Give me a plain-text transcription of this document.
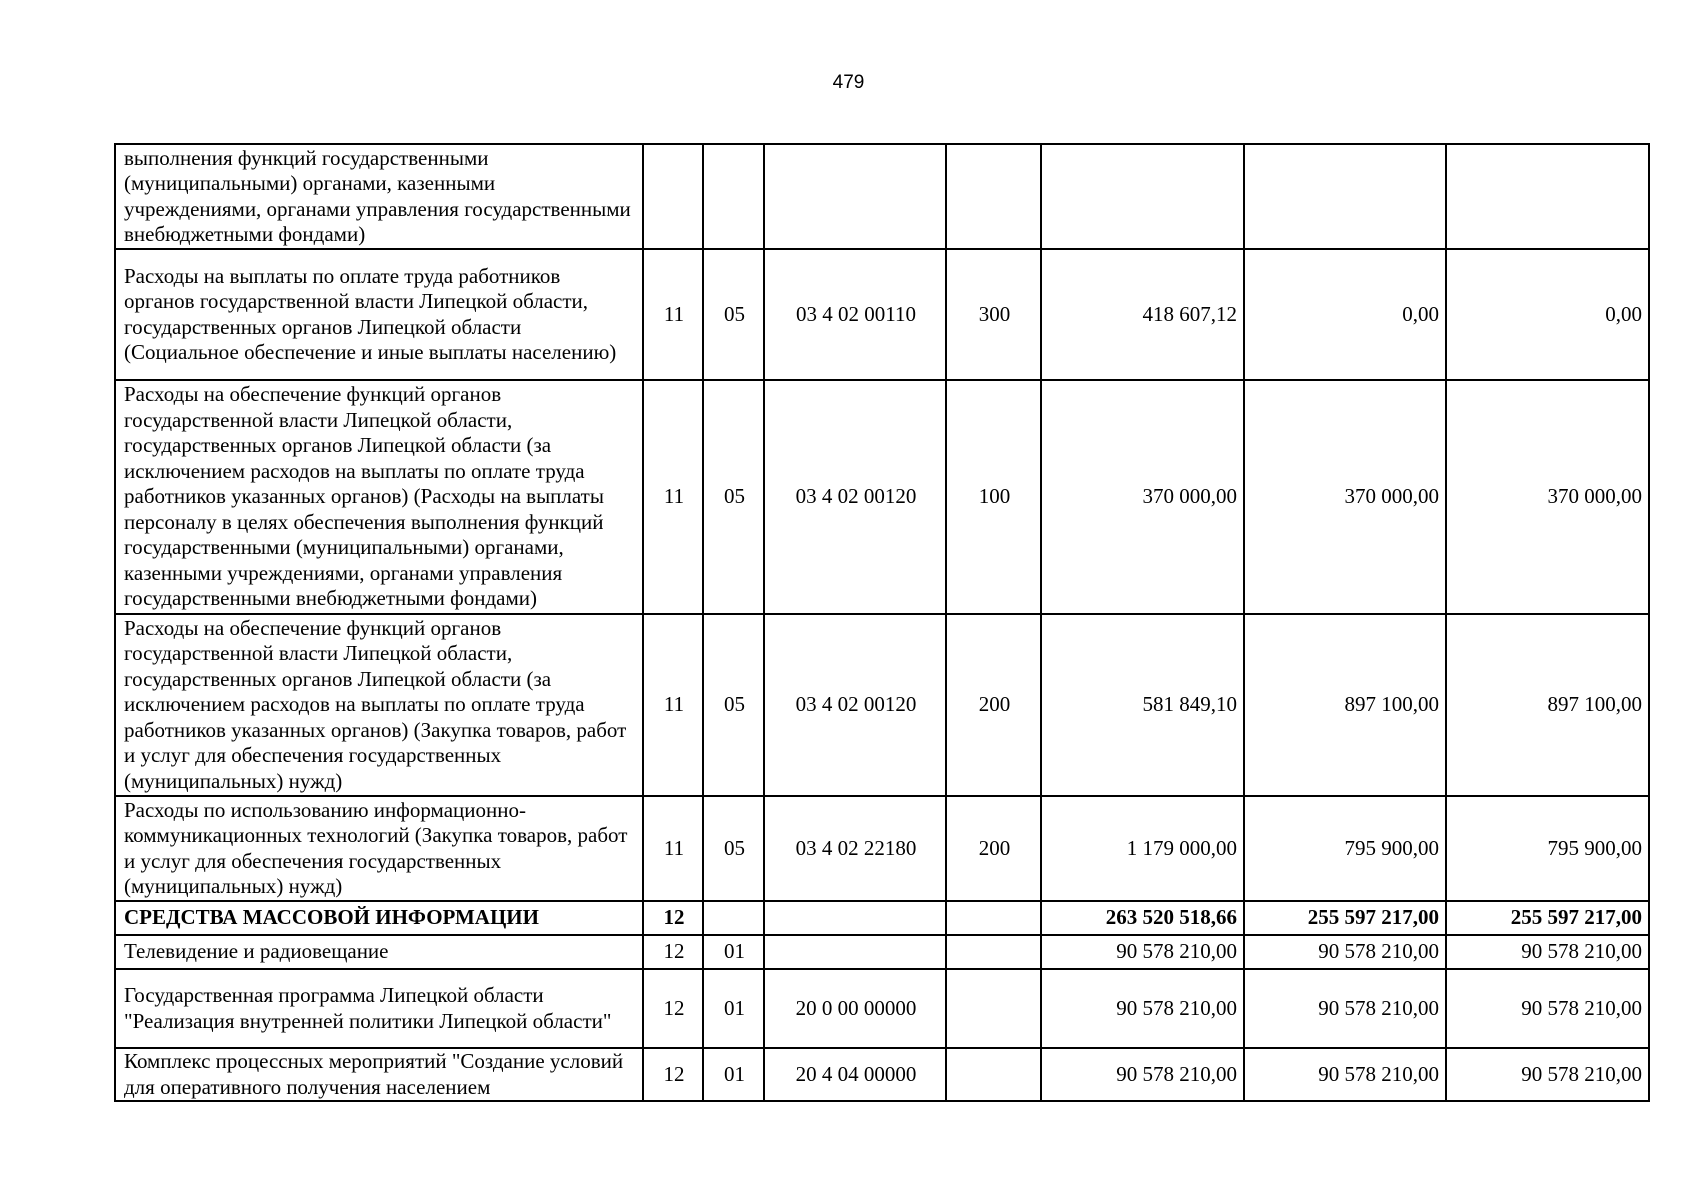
479
выполнения функций государственными (муниципальными) органами, казенными учреждениями, органами управления государственными внебюджетными фондами)							
Расходы на выплаты по оплате труда работников органов государственной власти Липецкой области, государственных органов Липецкой области (Социальное обеспечение и иные выплаты населению)	11	05	03 4 02 00110	300	418 607,12	0,00	0,00
Расходы на обеспечение функций органов государственной власти Липецкой области, государственных органов Липецкой области (за исключением расходов на выплаты по оплате труда работников указанных органов) (Расходы на выплаты персоналу в целях обеспечения выполнения функций государственными (муниципальными) органами, казенными учреждениями, органами управления государственными внебюджетными фондами)	11	05	03 4 02 00120	100	370 000,00	370 000,00	370 000,00
Расходы на обеспечение функций органов государственной власти Липецкой области, государственных органов Липецкой области (за исключением расходов на выплаты по оплате труда работников указанных органов) (Закупка товаров, работ и услуг для обеспечения государственных (муниципальных) нужд)	11	05	03 4 02 00120	200	581 849,10	897 100,00	897 100,00
Расходы по использованию информационно-коммуникационных технологий (Закупка товаров, работ и услуг для обеспечения государственных (муниципальных) нужд)	11	05	03 4 02 22180	200	1 179 000,00	795 900,00	795 900,00
СРЕДСТВА МАССОВОЙ ИНФОРМАЦИИ	12				263 520 518,66	255 597 217,00	255 597 217,00
Телевидение и радиовещание	12	01			90 578 210,00	90 578 210,00	90 578 210,00
Государственная программа Липецкой области "Реализация внутренней политики Липецкой области"	12	01	20 0 00 00000		90 578 210,00	90 578 210,00	90 578 210,00
Комплекс процессных мероприятий "Создание условий для оперативного получения населением	12	01	20 4 04 00000		90 578 210,00	90 578 210,00	90 578 210,00
